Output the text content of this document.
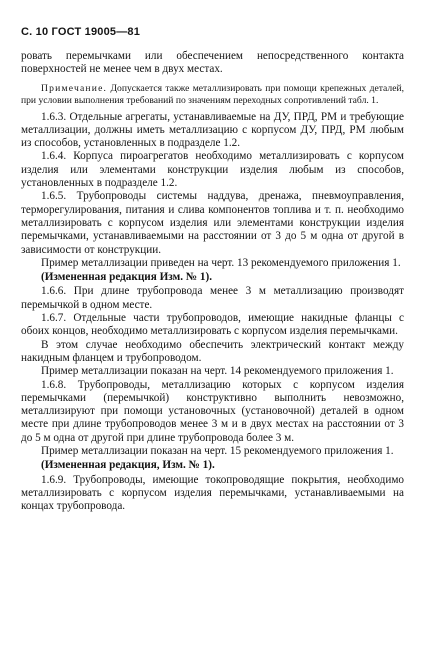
С. 10 ГОСТ 19005—81

ровать перемычками или обеспечением непосредственного контакта поверхностей не менее чем в двух местах.

Примечание. Допускается также металлизировать при помощи крепежных деталей, при условии выполнения требований по значениям переходных сопротивлений табл. 1.

1.6.3. Отдельные агрегаты, устанавливаемые на ДУ, ПРД, РМ и требующие металлизации, должны иметь металлизацию с корпусом ДУ, ПРД, РМ любым из способов, установленных в подразделе 1.2.

1.6.4. Корпуса пироагрегатов необходимо металлизировать с корпусом изделия или элементами конструкции изделия любым из способов, установленных в подразделе 1.2.

1.6.5. Трубопроводы системы наддува, дренажа, пневмоуправления, терморегулирования, питания и слива компонентов топлива и т. п. необходимо металлизировать с корпусом изделия или элементами конструкции изделия перемычками, устанавливаемыми на расстоянии от 3 до 5 м одна от другой в зависимости от конструкции.

Пример металлизации приведен на черт. 13 рекомендуемого приложения 1.

(Измененная редакция Изм. № 1).

1.6.6. При длине трубопровода менее 3 м металлизацию производят перемычкой в одном месте.

1.6.7. Отдельные части трубопроводов, имеющие накидные фланцы с обоих концов, необходимо металлизировать с корпусом изделия перемычками.

В этом случае необходимо обеспечить электрический контакт между накидным фланцем и трубопроводом.

Пример металлизации показан на черт. 14 рекомендуемого приложения 1.

1.6.8. Трубопроводы, металлизацию которых с корпусом изделия перемычками (перемычкой) конструктивно выполнить невозможно, металлизируют при помощи установочных (установочной) деталей в одном месте при длине трубопроводов менее 3 м и в двух местах на расстоянии от 3 до 5 м одна от другой при длине трубопровода более 3 м.

Пример металлизации показан на черт. 15 рекомендуемого приложения 1.

(Измененная редакция, Изм. № 1).

1.6.9. Трубопроводы, имеющие токопроводящие покрытия, необходимо металлизировать с корпусом изделия перемычками, устанавливаемыми на концах трубопровода.
